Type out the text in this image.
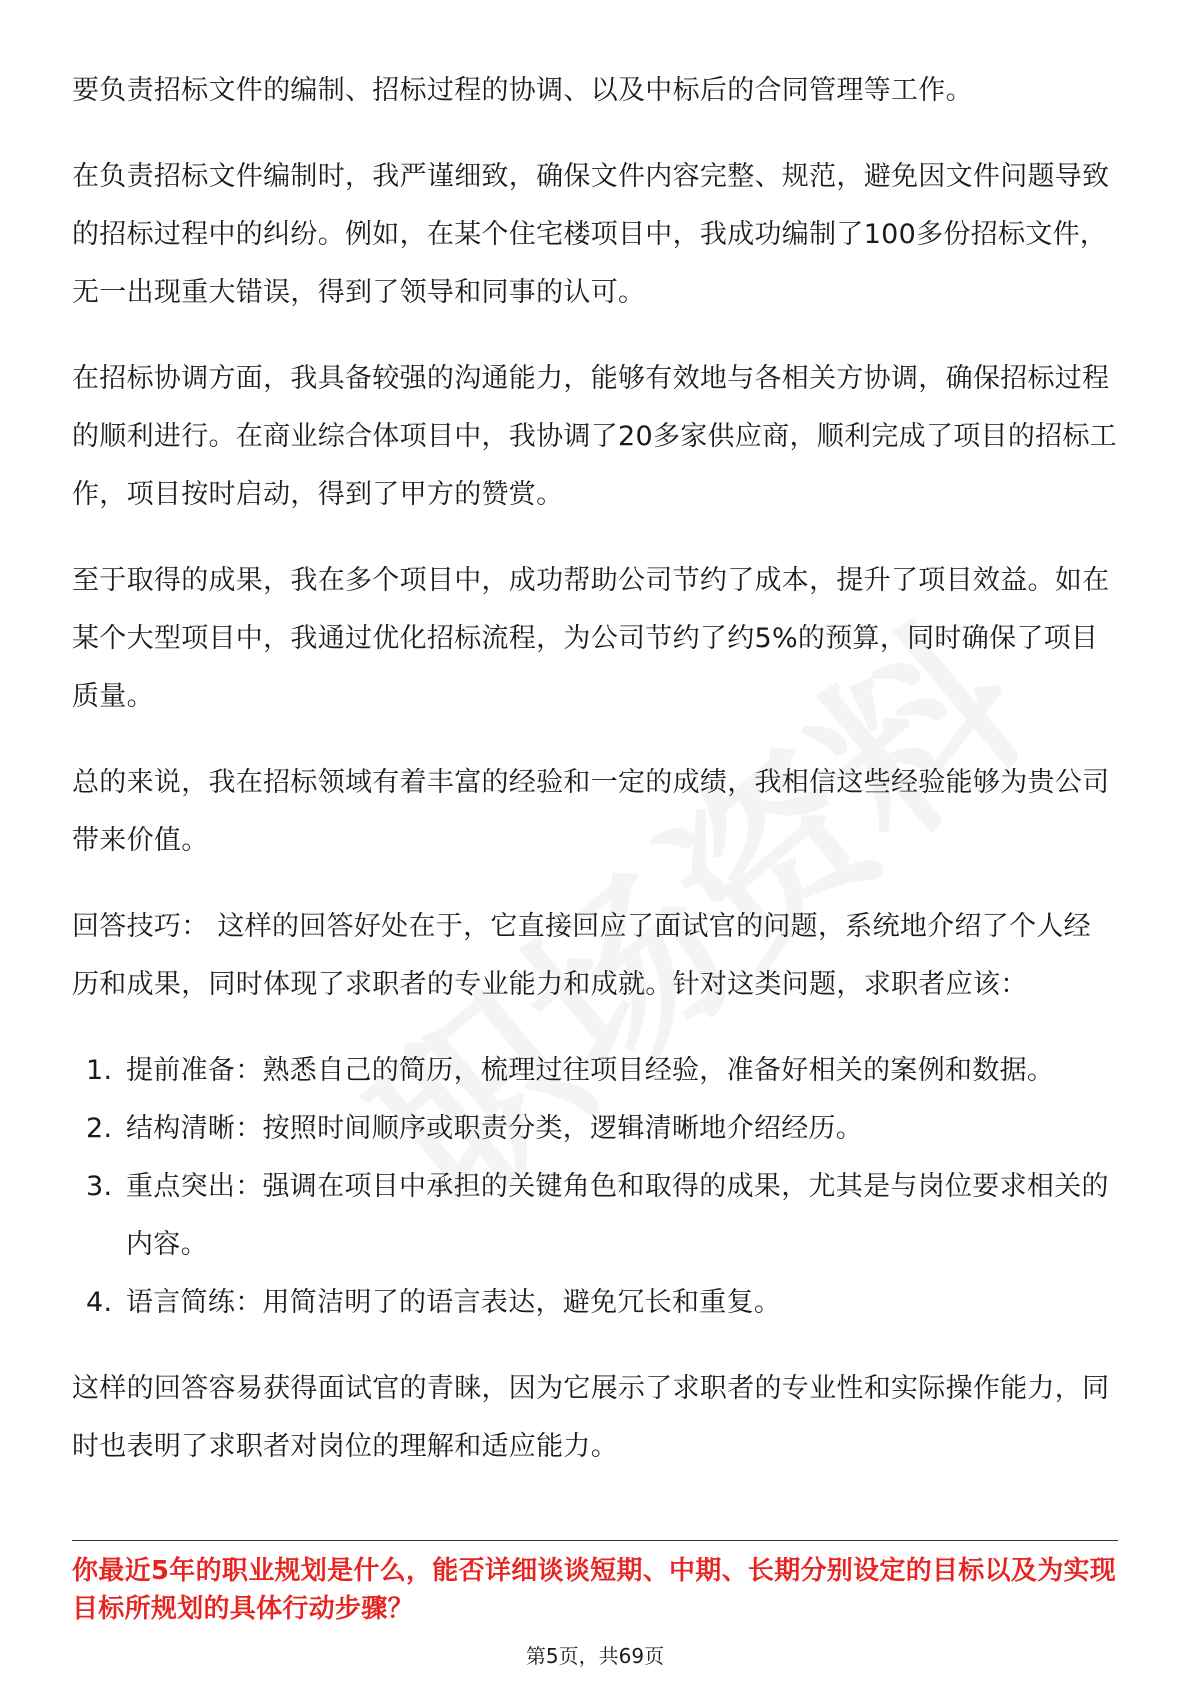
要负责招标文件的编制、招标过程的协调、以及中标后的合同管理等工作。

在负责招标文件编制时，我严谨细致，确保文件内容完整、规范，避免因文件问题导致的招标过程中的纠纷。例如，在某个住宅楼项目中，我成功编制了100多份招标文件，无一出现重大错误，得到了领导和同事的认可。

在招标协调方面，我具备较强的沟通能力，能够有效地与各相关方协调，确保招标过程的顺利进行。在商业综合体项目中，我协调了20多家供应商，顺利完成了项目的招标工作，项目按时启动，得到了甲方的赞赏。

至于取得的成果，我在多个项目中，成功帮助公司节约了成本，提升了项目效益。如在某个大型项目中，我通过优化招标流程，为公司节约了约5%的预算，同时确保了项目质量。

总的来说，我在招标领域有着丰富的经验和一定的成绩，我相信这些经验能够为贵公司带来价值。

回答技巧： 这样的回答好处在于，它直接回应了面试官的问题，系统地介绍了个人经历和成果，同时体现了求职者的专业能力和成就。针对这类问题，求职者应该：

1. 提前准备：熟悉自己的简历，梳理过往项目经验，准备好相关的案例和数据。
2. 结构清晰：按照时间顺序或职责分类，逻辑清晰地介绍经历。
3. 重点突出：强调在项目中承担的关键角色和取得的成果，尤其是与岗位要求相关的内容。
4. 语言简练：用简洁明了的语言表达，避免冗长和重复。

这样的回答容易获得面试官的青睐，因为它展示了求职者的专业性和实际操作能力，同时也表明了求职者对岗位的理解和适应能力。

你最近5年的职业规划是什么，能否详细谈谈短期、中期、长期分别设定的目标以及为实现目标所规划的具体行动步骤？
第5页，共69页
